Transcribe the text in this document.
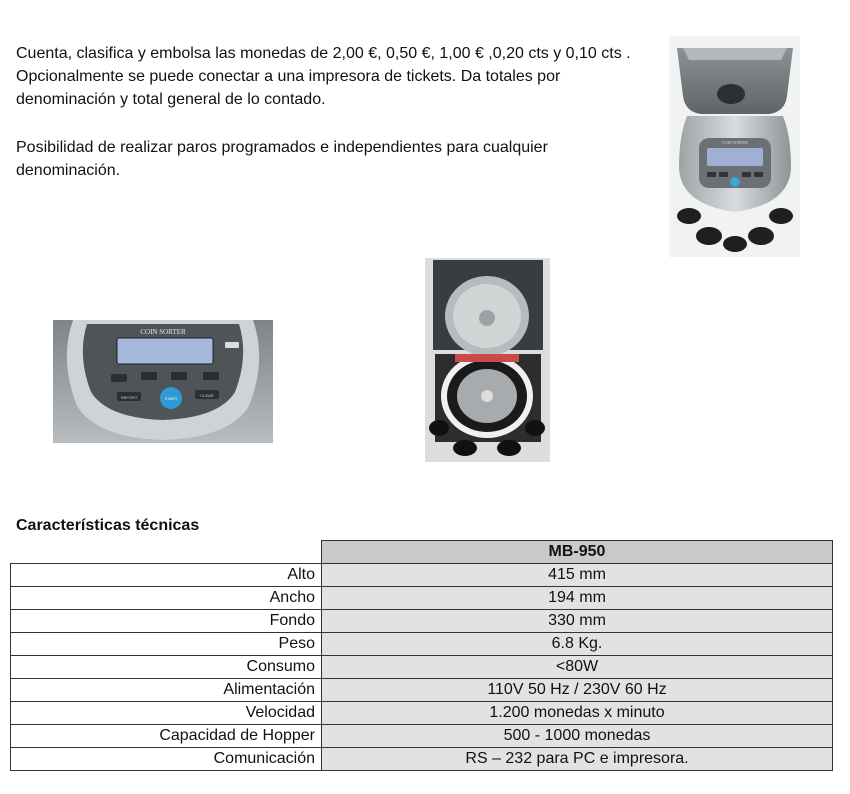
Cuenta, clasifica y embolsa las monedas de 2,00 €, 0,50 €, 1,00 € ,0,20 cts y 0,10 cts . Opcionalmente se puede conectar a una impresora de tickets. Da totales por denominación y total general de lo contado.

Posibilidad de realizar paros programados e independientes para cualquier denominación.

COIN SORTER
COIN SORTER
REPORT	START
CLEAR
Características técnicas
	MB-950
Alto	415 mm
Ancho	194 mm
Fondo	330 mm
Peso	6.8 Kg.
Consumo	<80W
Alimentación	110V 50 Hz / 230V 60 Hz
Velocidad	1.200 monedas x minuto
Capacidad de Hopper	500 - 1000 monedas
Comunicación	RS – 232 para PC e impresora.
